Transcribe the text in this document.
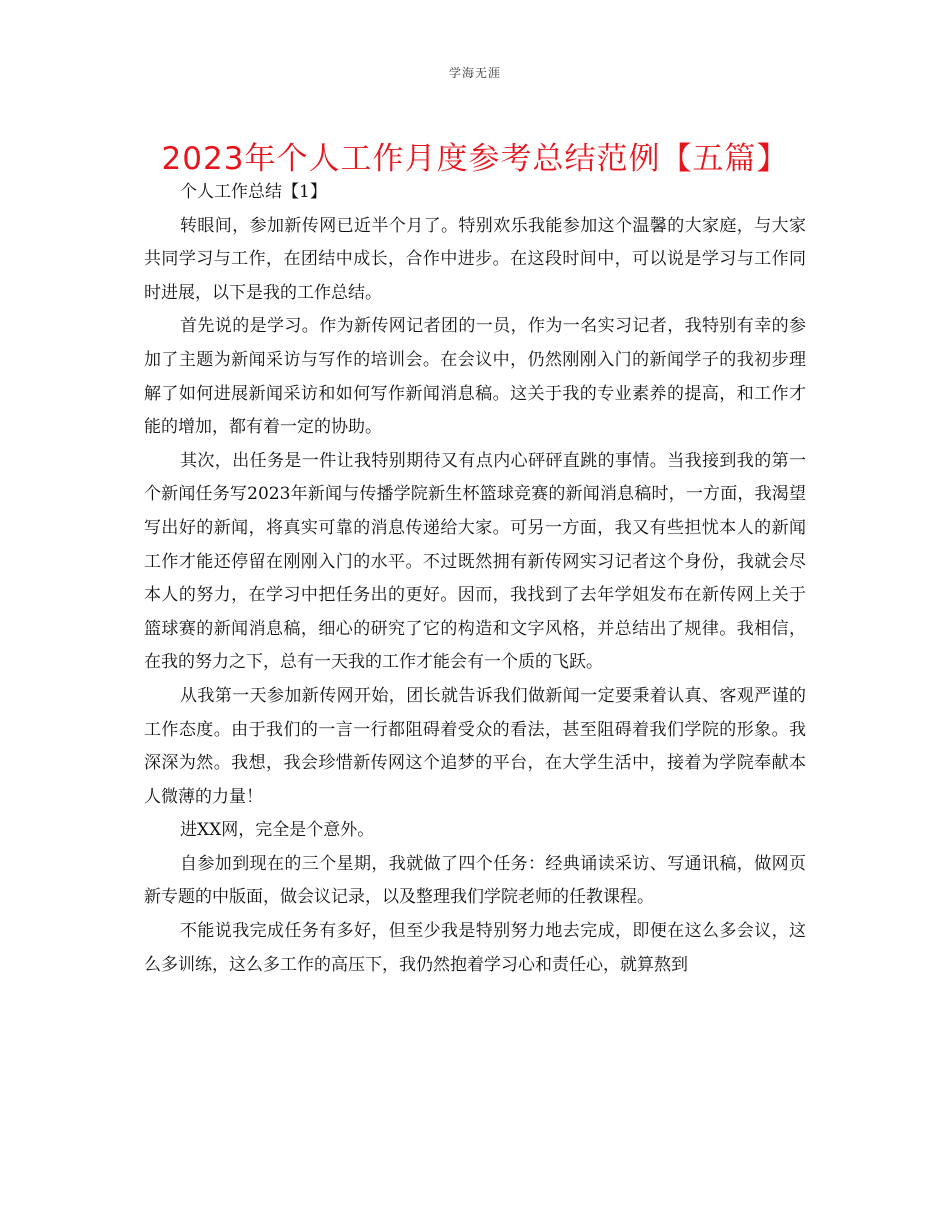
学海无涯
2023年个人工作月度参考总结范例【五篇】

个人工作总结【1】

转眼间，参加新传网已近半个月了。特别欢乐我能参加这个温馨的大家庭，与大家共同学习与工作，在团结中成长，合作中进步。在这段时间中，可以说是学习与工作同时进展，以下是我的工作总结。

首先说的是学习。作为新传网记者团的一员，作为一名实习记者，我特别有幸的参加了主题为新闻采访与写作的培训会。在会议中，仍然刚刚入门的新闻学子的我初步理解了如何进展新闻采访和如何写作新闻消息稿。这关于我的专业素养的提高，和工作才能的增加，都有着一定的协助。

其次，出任务是一件让我特别期待又有点内心砰砰直跳的事情。当我接到我的第一个新闻任务写2023年新闻与传播学院新生杯篮球竞赛的新闻消息稿时，一方面，我渴望写出好的新闻，将真实可靠的消息传递给大家。可另一方面，我又有些担忧本人的新闻工作才能还停留在刚刚入门的水平。不过既然拥有新传网实习记者这个身份，我就会尽本人的努力，在学习中把任务出的更好。因而，我找到了去年学姐发布在新传网上关于篮球赛的新闻消息稿，细心的研究了它的构造和文字风格，并总结出了规律。我相信，在我的努力之下，总有一天我的工作才能会有一个质的飞跃。

从我第一天参加新传网开始，团长就告诉我们做新闻一定要秉着认真、客观严谨的工作态度。由于我们的一言一行都阻碍着受众的看法，甚至阻碍着我们学院的形象。我深深为然。我想，我会珍惜新传网这个追梦的平台，在大学生活中，接着为学院奉献本人微薄的力量！

进XX网，完全是个意外。

自参加到现在的三个星期，我就做了四个任务：经典诵读采访、写通讯稿，做网页新专题的中版面，做会议记录，以及整理我们学院老师的任教课程。

不能说我完成任务有多好，但至少我是特别努力地去完成，即便在这么多会议，这么多训练，这么多工作的高压下，我仍然抱着学习心和责任心，就算熬到
